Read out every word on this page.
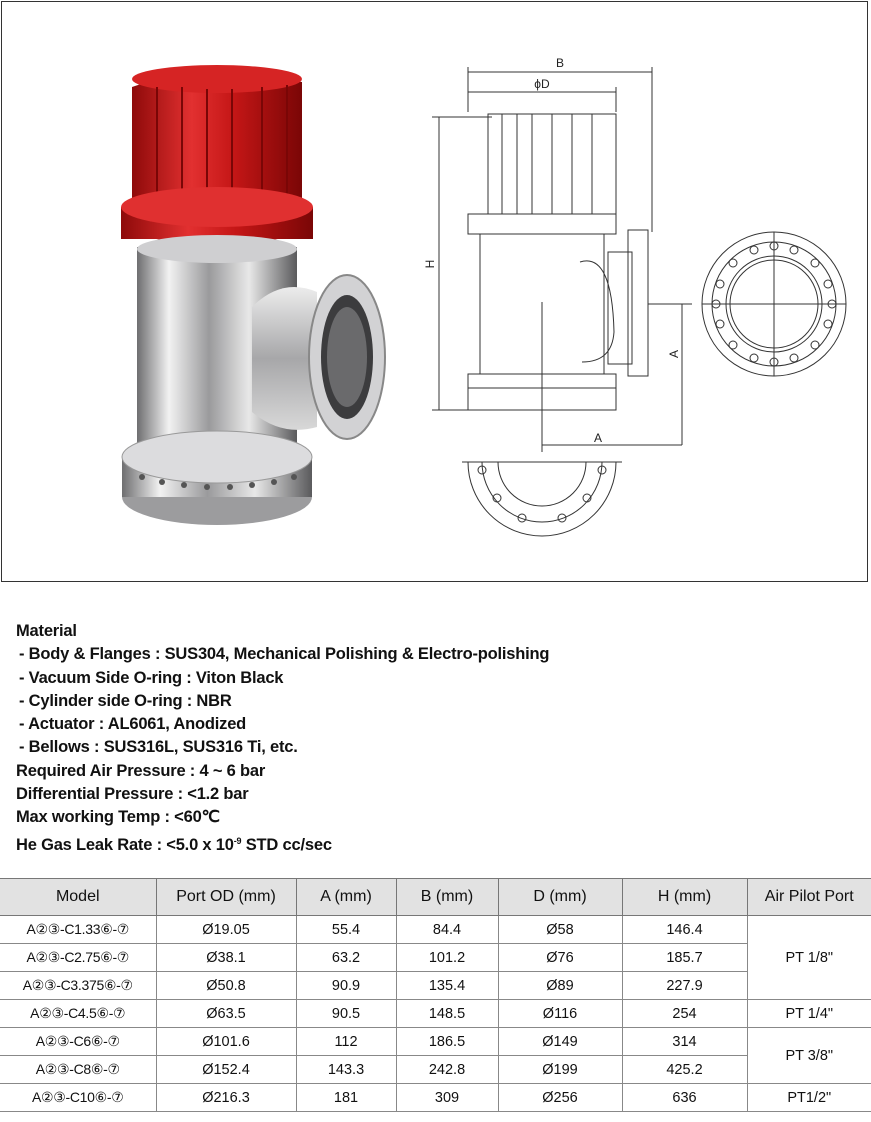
B
ϕD
H
A
A
Material
- Body & Flanges : SUS304, Mechanical Polishing & Electro-polishing
- Vacuum Side O-ring : Viton Black
- Cylinder side O-ring : NBR
- Actuator : AL6061, Anodized
- Bellows : SUS316L, SUS316 Ti, etc.
Required Air Pressure : 4 ~ 6 bar
Differential Pressure : <1.2 bar
Max working Temp : <60℃
He Gas Leak Rate : <5.0 x $10^{-9}$ STD cc/sec
Model	Port OD (mm)	A (mm)	B (mm)	D (mm)	H (mm)	Air Pilot Port
A②③-C1.33⑥-⑦	Ø19.05	55.4	84.4	Ø58	146.4	PT 1/8"
A②③-C2.75⑥-⑦	Ø38.1	63.2	101.2	Ø76	185.7	
A②③-C3.375⑥-⑦	Ø50.8	90.9	135.4	Ø89	227.9	
A②③-C4.5⑥-⑦	Ø63.5	90.5	148.5	Ø116	254	PT 1/4"
A②③-C6⑥-⑦	Ø101.6	112	186.5	Ø149	314	PT 3/8"
A②③-C8⑥-⑦	Ø152.4	143.3	242.8	Ø199	425.2	
A②③-C10⑥-⑦	Ø216.3	181	309	Ø256	636	PT1/2"
